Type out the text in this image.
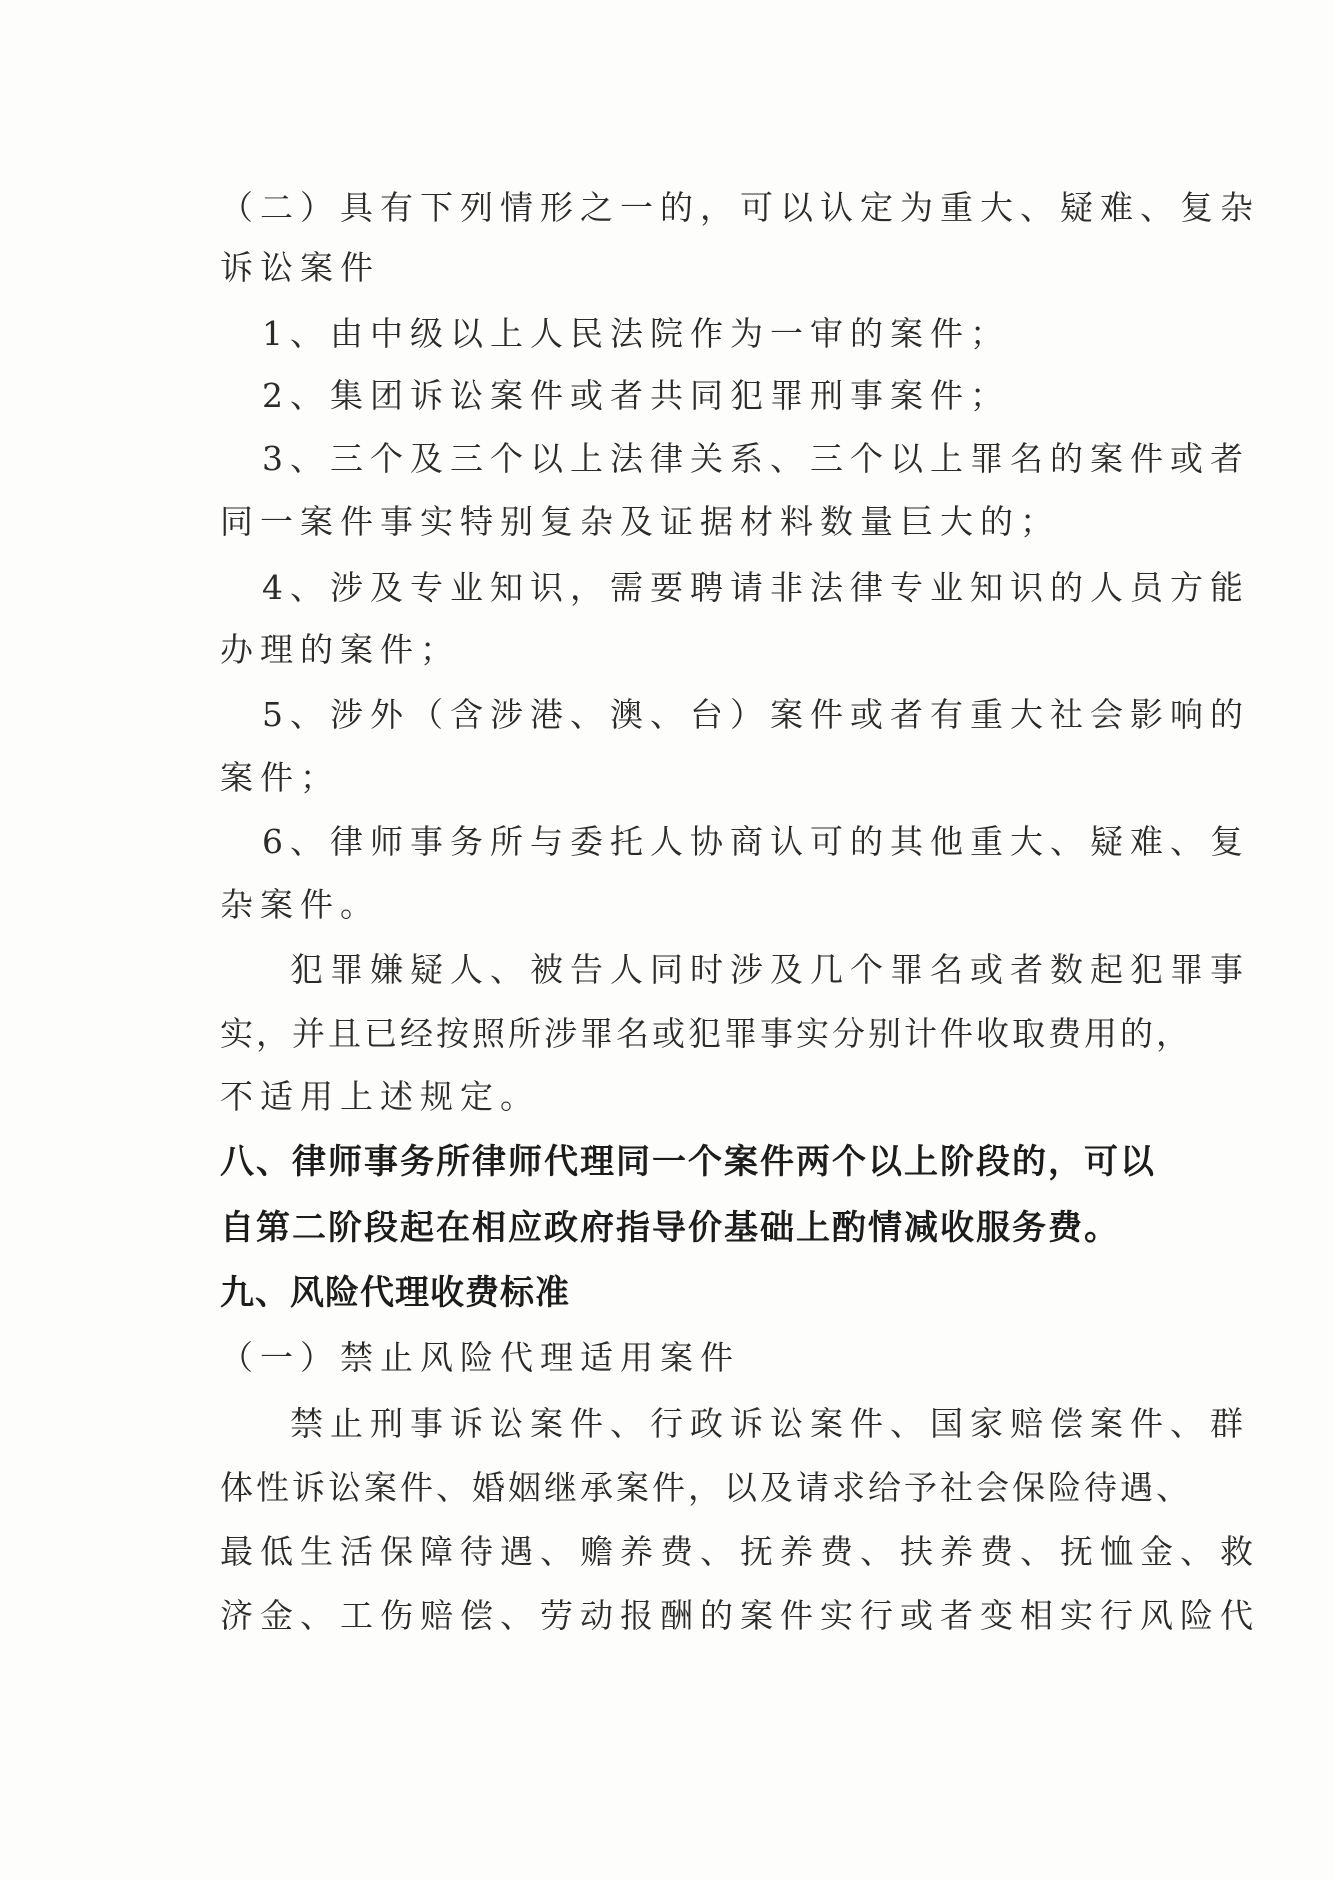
（二）具有下列情形之一的，可以认定为重大、疑难、复杂
诉讼案件
1、由中级以上人民法院作为一审的案件；
2、集团诉讼案件或者共同犯罪刑事案件；
3、三个及三个以上法律关系、三个以上罪名的案件或者
同一案件事实特别复杂及证据材料数量巨大的；
4、涉及专业知识，需要聘请非法律专业知识的人员方能
办理的案件；
5、涉外（含涉港、澳、台）案件或者有重大社会影响的
案件；
6、律师事务所与委托人协商认可的其他重大、疑难、复
杂案件。
犯罪嫌疑人、被告人同时涉及几个罪名或者数起犯罪事
实，并且已经按照所涉罪名或犯罪事实分别计件收取费用的，
不适用上述规定。
八、律师事务所律师代理同一个案件两个以上阶段的，可以
自第二阶段起在相应政府指导价基础上酌情减收服务费。
九、风险代理收费标准
（一）禁止风险代理适用案件
禁止刑事诉讼案件、行政诉讼案件、国家赔偿案件、群
体性诉讼案件、婚姻继承案件，以及请求给予社会保险待遇、
最低生活保障待遇、赡养费、抚养费、扶养费、抚恤金、救
济金、工伤赔偿、劳动报酬的案件实行或者变相实行风险代
